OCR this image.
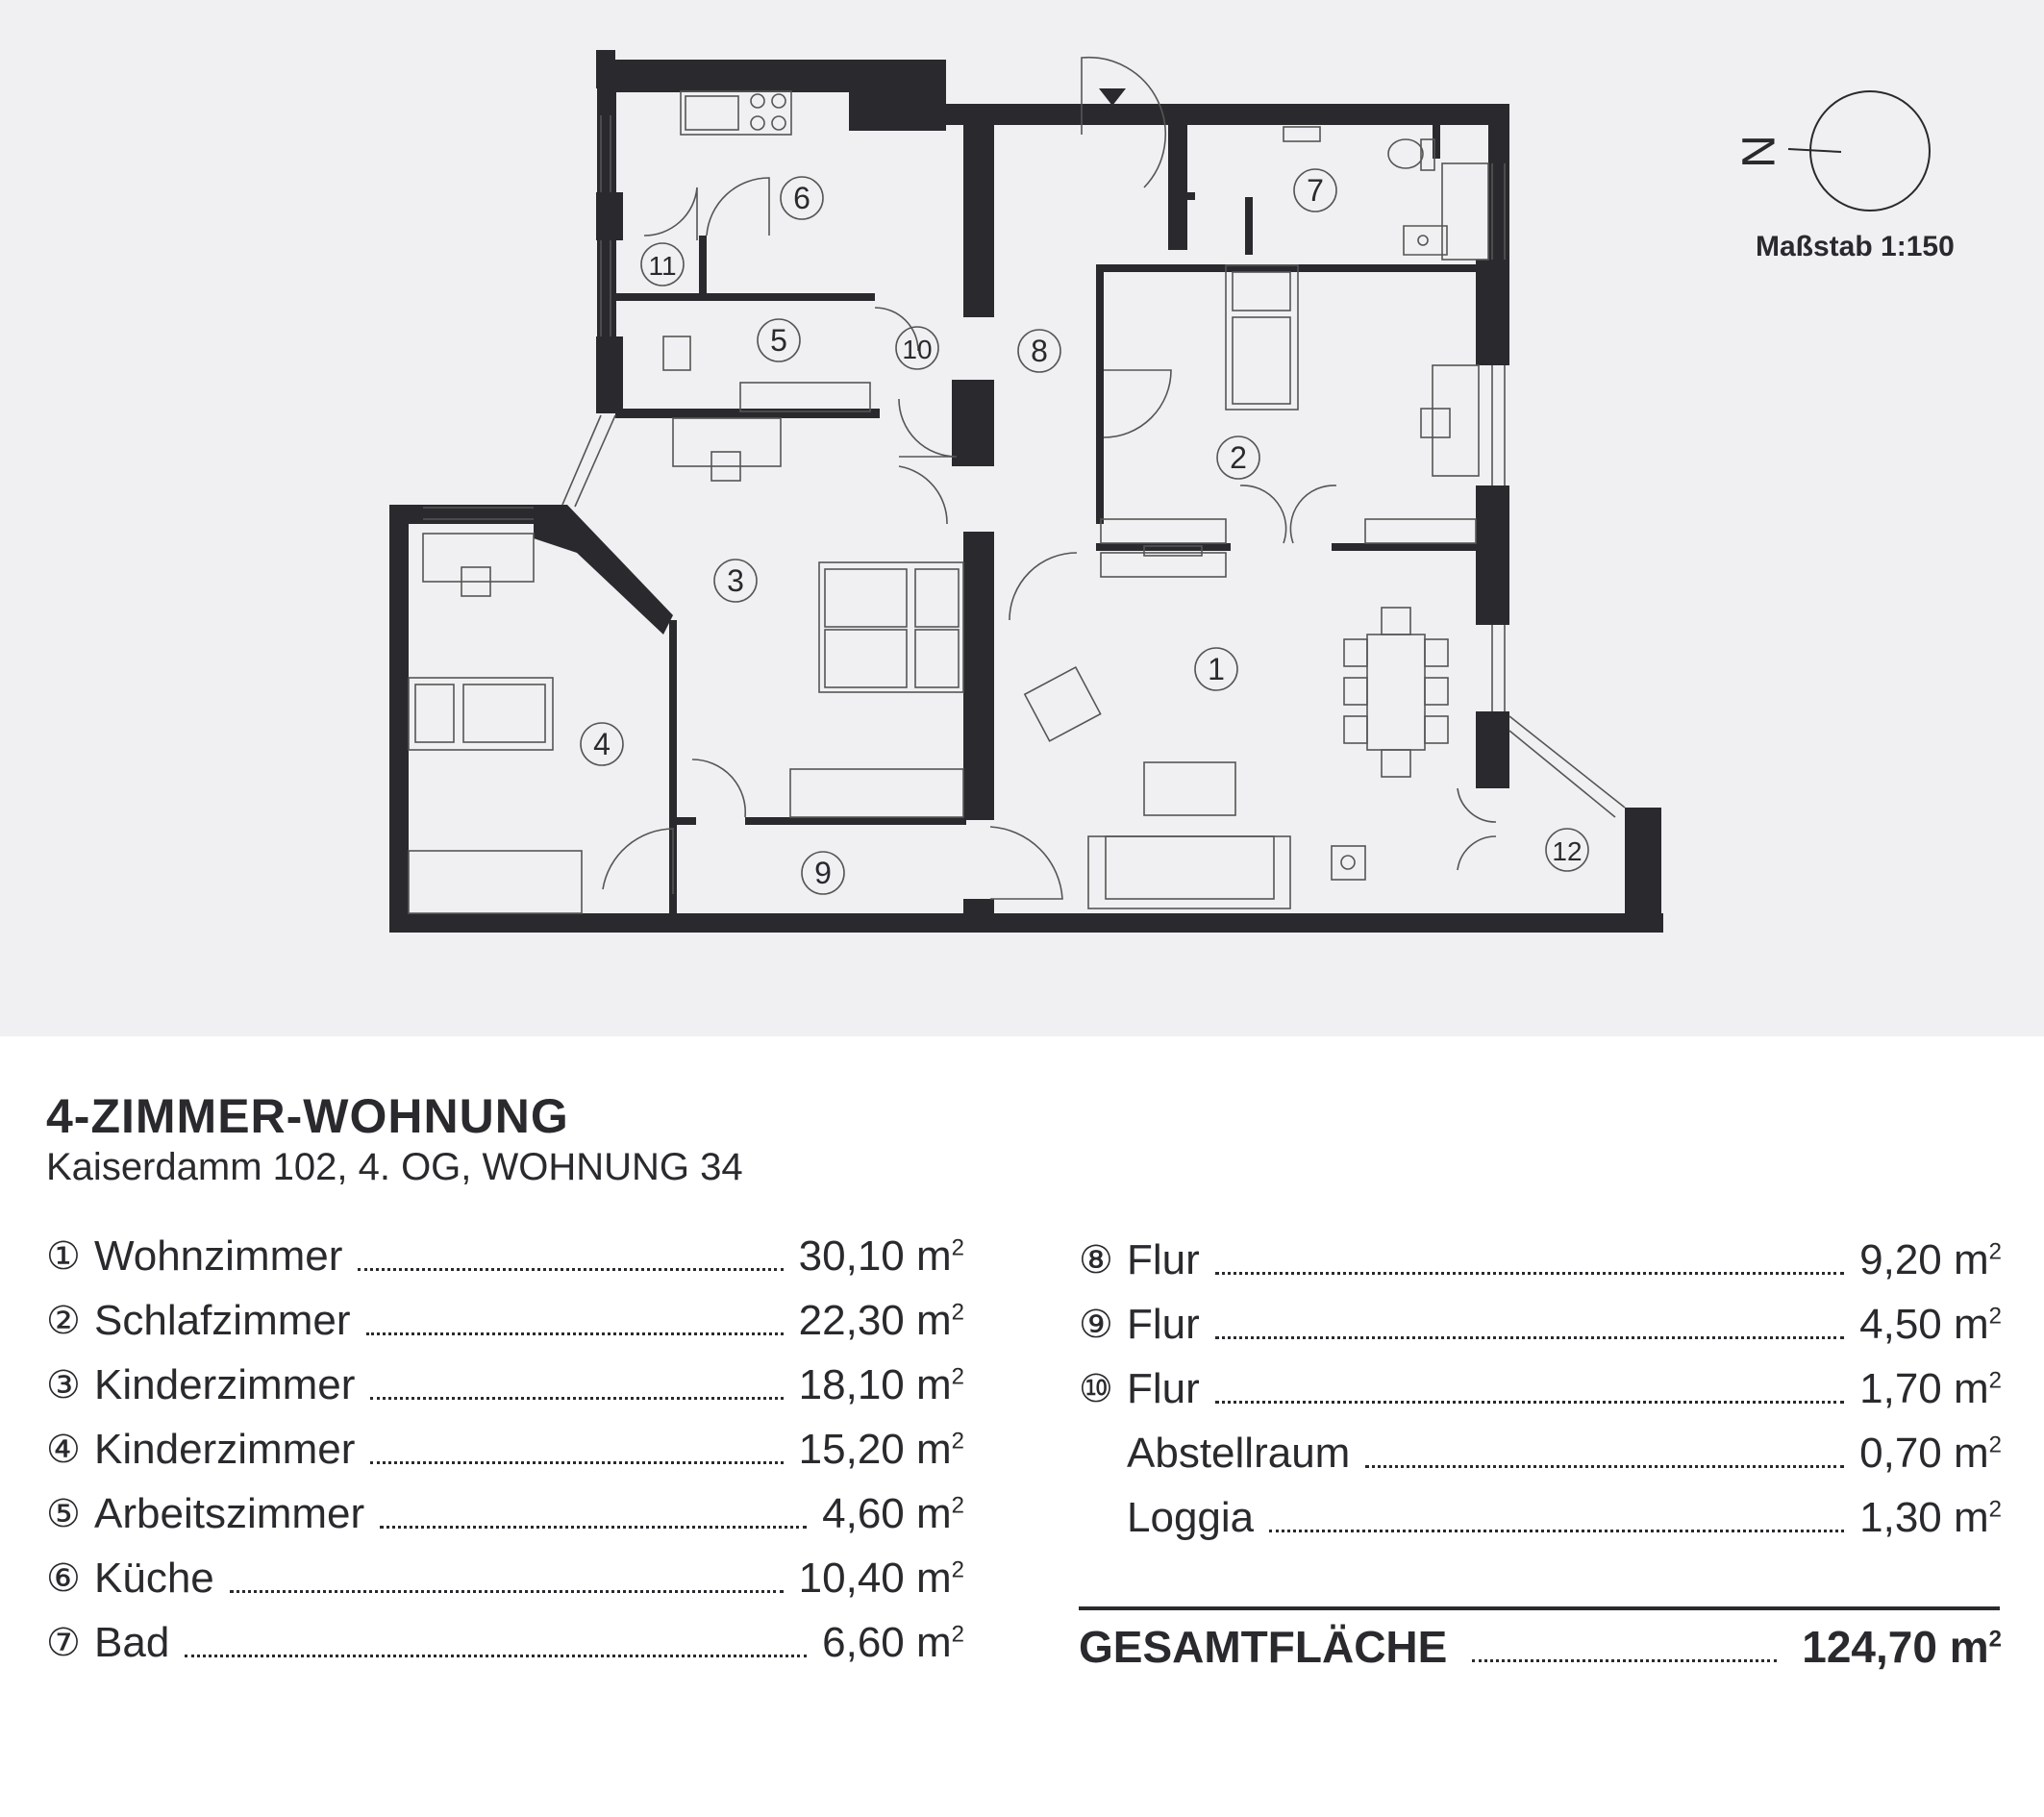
1
2
3
4
5
6	7
8
9
10
11
12
N
Maßstab 1:150
4-ZIMMER-WOHNUNG
Kaiserdamm 102, 4. OG, WOHNUNG 34
① Wohnzimmer	30,10 $m^2$
② Schlafzimmer	22,30 $m^2$
③ Kinderzimmer	18,10 $m^2$
④ Kinderzimmer	15,20 $m^2$
⑤ Arbeitszimmer	4,60 $m^2$
⑥ Küche	10,40 $m^2$
⑦ Bad	6,60 $m^2$
⑧ Flur	9,20 $m^2$
⑨ Flur	4,50 $m^2$
⑩ Flur	1,70 $m^2$
Abstellraum	0,70 $m^2$
Loggia	1,30 $m^2$
GESAMTFLÄCHE	124,70 $m^2$
